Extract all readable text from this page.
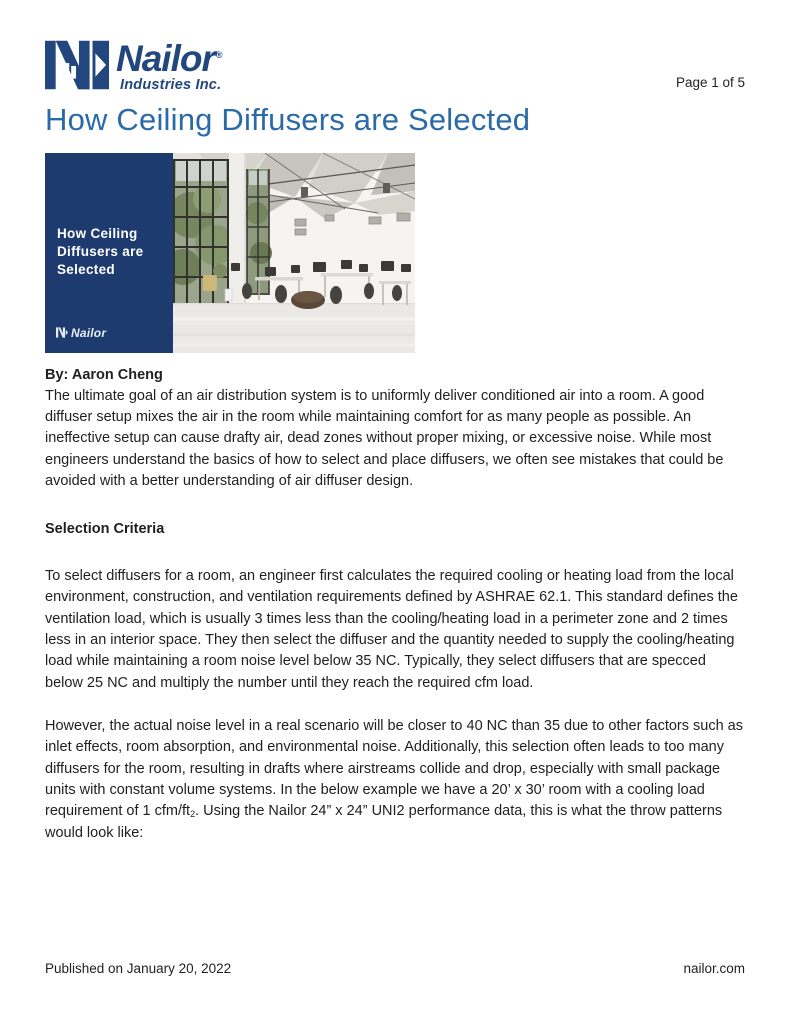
Nailor®
Industries Inc.	Page 1 of 5
How Ceiling Diffusers are Selected
How Ceiling Diffusers are Selected
Nailor

By: Aaron Cheng

The ultimate goal of an air distribution system is to uniformly deliver conditioned air into a room. A good diffuser setup mixes the air in the room while maintaining comfort for as many people as possible. An ineffective setup can cause drafty air, dead zones without proper mixing, or excessive noise. While most engineers understand the basics of how to select and place diffusers, we often see mistakes that could be avoided with a better understanding of air diffuser design.

Selection Criteria

To select diffusers for a room, an engineer first calculates the required cooling or heating load from the local environment, construction, and ventilation requirements defined by ASHRAE 62.1. This standard defines the ventilation load, which is usually 3 times less than the cooling/heating load in a perimeter zone and 2 times less in an interior space. They then select the diffuser and the quantity needed to supply the cooling/heating load while maintaining a room noise level below 35 NC. Typically, they select diffusers that are specced below 25 NC and multiply the number until they reach the required cfm load.

However, the actual noise level in a real scenario will be closer to 40 NC than 35 due to other factors such as inlet effects, room absorption, and environmental noise. Additionally, this selection often leads to too many diffusers for the room, resulting in drafts where airstreams collide and drop, especially with small package units with constant volume systems. In the below example we have a 20’ x 30’ room with a cooling load requirement of 1 cfm/ft2. Using the Nailor 24” x 24” UNI2 performance data, this is what the throw patterns would look like:

Published on January 20, 2022	nailor.com
